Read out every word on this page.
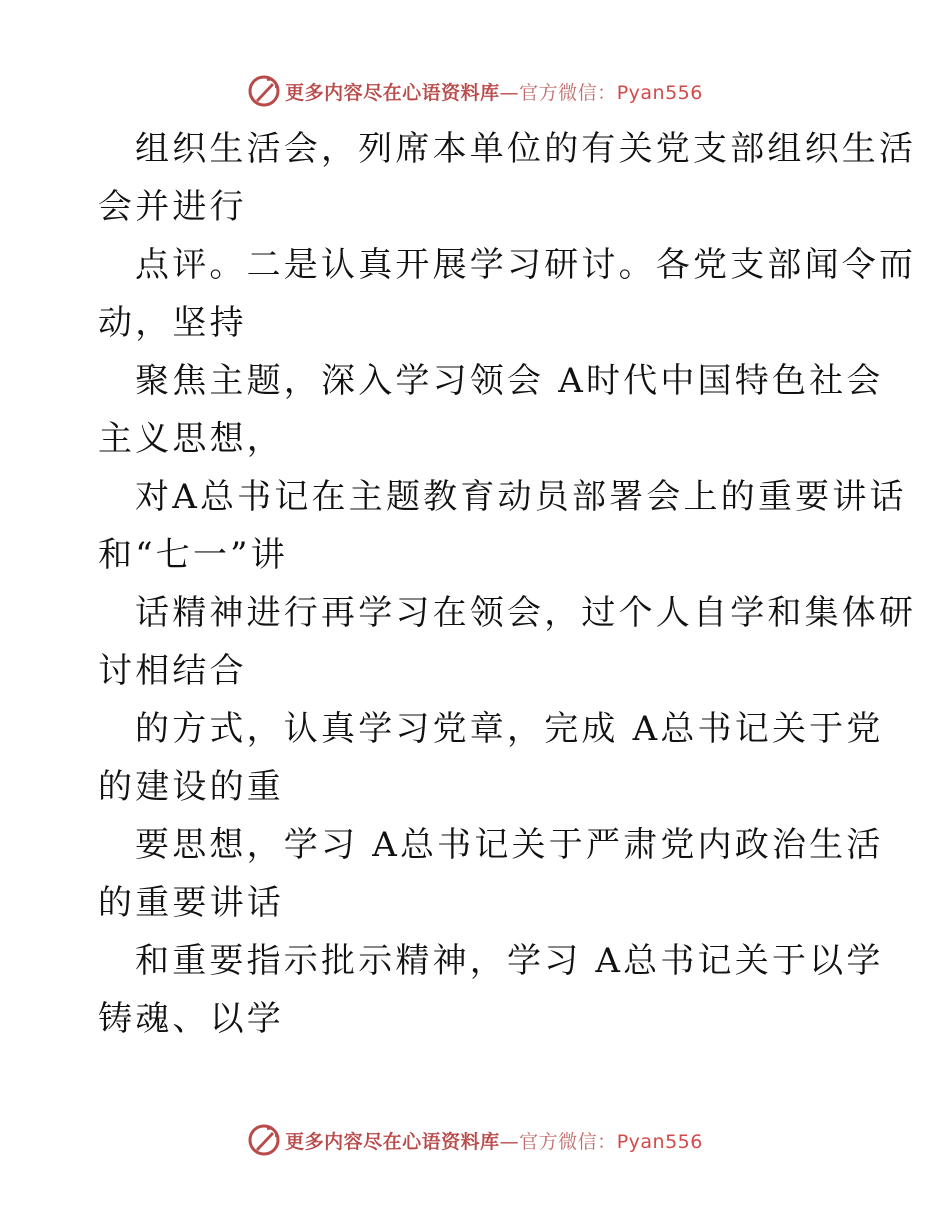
更多内容尽在心语资料库—官方微信：Pyan556
组织生活会，列席本单位的有关党支部组织生活
会并进行
点评。二是认真开展学习研讨。各党支部闻令而
动，坚持
聚焦主题，深入学习领会 A时代中国特色社会
主义思想，
对A总书记在主题教育动员部署会上的重要讲话
和“七一”讲
话精神进行再学习在领会，过个人自学和集体研
讨相结合
的方式，认真学习党章，完成 A总书记关于党
的建设的重
要思想，学习 A总书记关于严肃党内政治生活
的重要讲话
和重要指示批示精神，学习 A总书记关于以学
铸魂、以学
更多内容尽在心语资料库—官方微信：Pyan556
